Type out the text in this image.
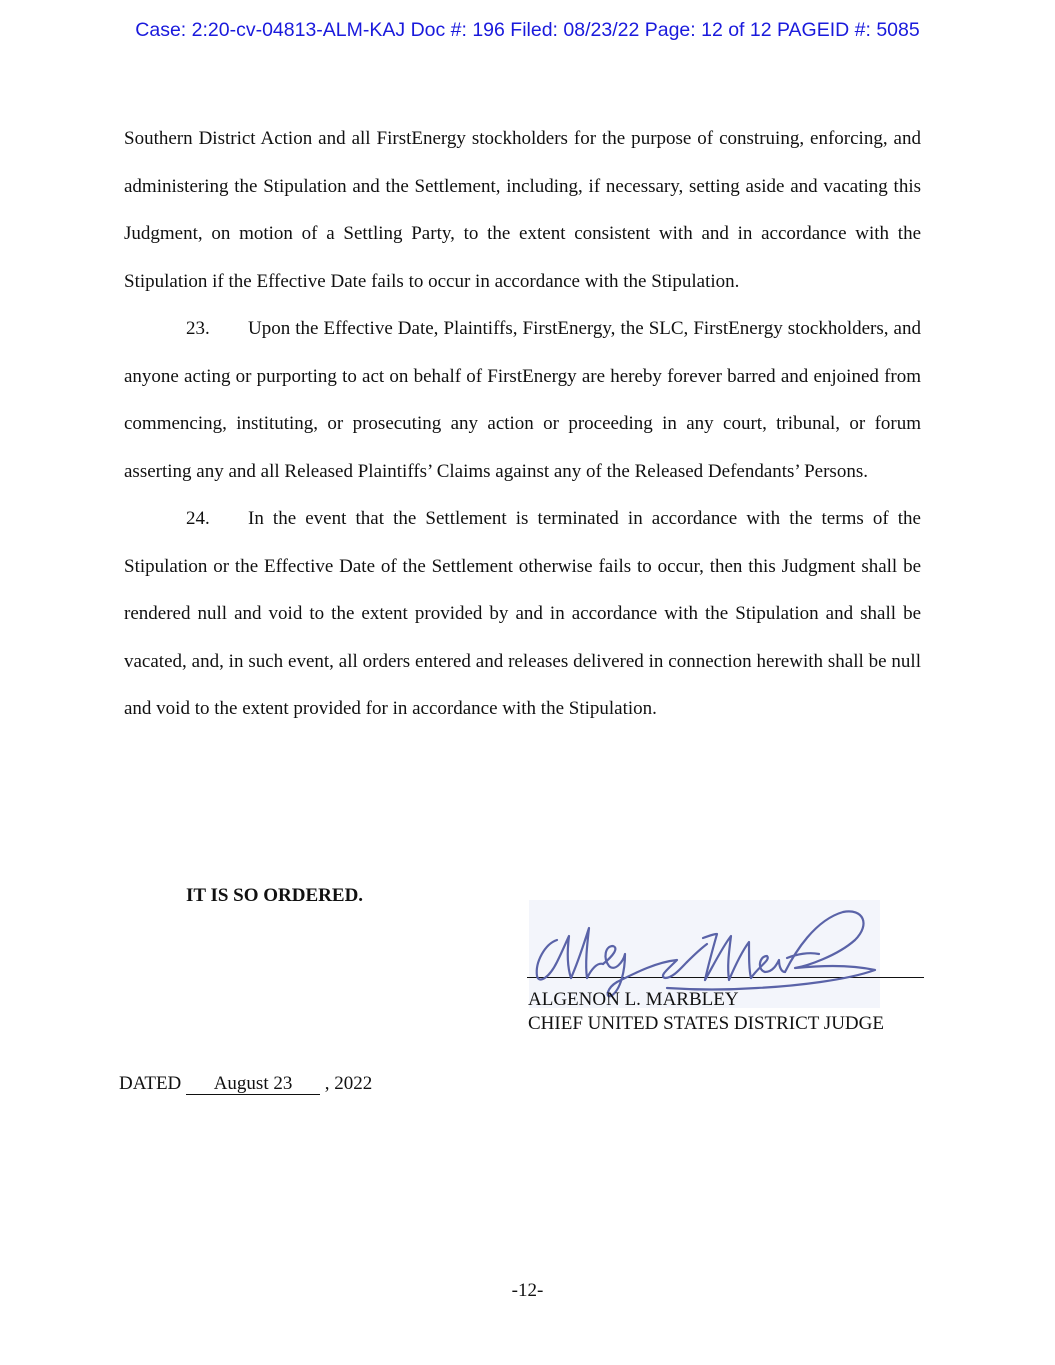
Case: 2:20-cv-04813-ALM-KAJ Doc #: 196 Filed: 08/23/22 Page: 12 of 12 PAGEID #: 5085

Southern District Action and all FirstEnergy stockholders for the purpose of construing, enforcing, and administering the Stipulation and the Settlement, including, if necessary, setting aside and vacating this Judgment, on motion of a Settling Party, to the extent consistent with and in accordance with the Stipulation if the Effective Date fails to occur in accordance with the Stipulation.

23. Upon the Effective Date, Plaintiffs, FirstEnergy, the SLC, FirstEnergy stockholders, and anyone acting or purporting to act on behalf of FirstEnergy are hereby forever barred and enjoined from commencing, instituting, or prosecuting any action or proceeding in any court, tribunal, or forum asserting any and all Released Plaintiffs’ Claims against any of the Released Defendants’ Persons.

24. In the event that the Settlement is terminated in accordance with the terms of the Stipulation or the Effective Date of the Settlement otherwise fails to occur, then this Judgment shall be rendered null and void to the extent provided by and in accordance with the Stipulation and shall be vacated, and, in such event, all orders entered and releases delivered in connection herewith shall be null and void to the extent provided for in accordance with the Stipulation.

IT IS SO ORDERED.
ALGENON L. MARBLEY
CHIEF UNITED STATES DISTRICT JUDGE
DATED August 23 , 2022
-12-
